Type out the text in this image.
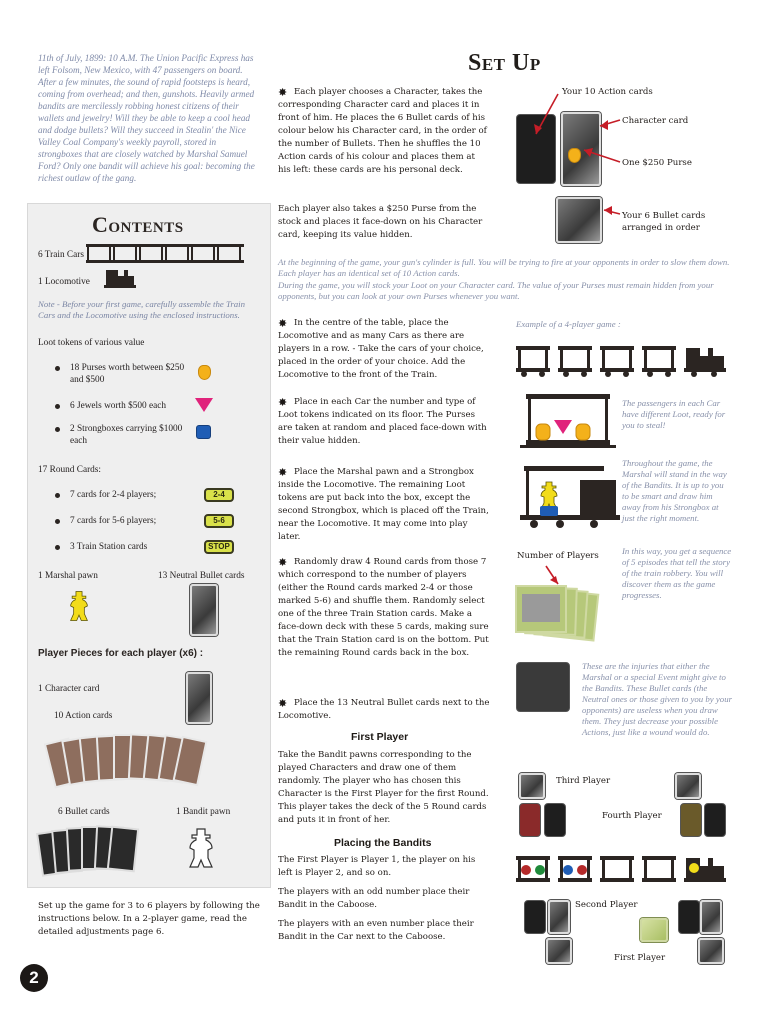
11th of July, 1899: 10 A.M. The Union Pacific Express has left Folsom, New Mexico, with 47 passengers on board. After a few minutes, the sound of rapid footsteps is heard, coming from overhead; and then, gunshots. Heavily armed bandits are mercilessly robbing honest citizens of their wallets and jewelry! Will they be able to keep a cool head and dodge bullets? Will they succeed in Stealin' the Nice Valley Coal Company's weekly payroll, stored in strongboxes that are closely watched by Marshal Samuel Ford? Only one bandit will achieve his goal: becoming the richest outlaw of the gang.
Contents
6 Train Cars
1 Locomotive
Note - Before your first game, carefully assemble the Train Cars and the Locomotive using the enclosed instructions.
Loot tokens of various value
18 Purses worth between $250 and $500
6 Jewels worth $500 each
2 Strongboxes carrying $1000 each
17 Round Cards:
7 cards for 2-4 players;	2-4
7 cards for 5-6 players;	5-6
3 Train Station cards	STOP
1 Marshal pawn	13 Neutral Bullet cards
Player Pieces for each player (x6) :
1 Character card
10 Action cards
6 Bullet cards	1 Bandit pawn
Set up the game for 3 to 6 players by following the instructions below. In a 2-player game, read the detailed adjustments page 6.
2
Set Up
✸ Each player chooses a Character, takes the corresponding Character card and places it in front of him. He places the 6 Bullet cards of his colour below his Character card, in the order of the number of Bullets. Then he shuffles the 10 Action cards of his colour and places them at his left: these cards are his personal deck.
Each player also takes a $250 Purse from the stock and places it face-down on his Character card, keeping its value hidden.
At the beginning of the game, your gun's cylinder is full. You will be trying to fire at your opponents in order to slow them down. Each player has an identical set of 10 Action cards.
During the game, you will stock your Loot on your Character card. The value of your Purses must remain hidden from your opponents, but you can look at your own Purses whenever you want.
Your 10 Action cards
Character card
One $250 Purse
Your 6 Bullet cards arranged in order
✸ In the centre of the table, place the Locomotive and as many Cars as there are players in a row. - Take the cars of your choice, placed in the order of your choice. Add the Locomotive to the front of the Train.
✸ Place in each Car the number and type of Loot tokens indicated on its floor. The Purses are taken at random and placed face-down with their value hidden.
✸ Place the Marshal pawn and a Strongbox inside the Locomotive. The remaining Loot tokens are put back into the box, except the second Strongbox, which is placed off the Train, near the Locomotive. It may come into play later.
✸ Randomly draw 4 Round cards from those 7 which correspond to the number of players (either the Round cards marked 2-4 or those marked 5-6) and shuffle them. Randomly select one of the three Train Station cards. Make a face-down deck with these 5 cards, making sure that the Train Station card is on the bottom. Put the remaining Round cards back in the box.
✸ Place the 13 Neutral Bullet cards next to the Locomotive.
First Player
Take the Bandit pawns corresponding to the played Characters and draw one of them randomly. The player who has chosen this Character is the First Player for the first Round. This player takes the deck of the 5 Round cards and puts it in front of her.
Placing the Bandits
The First Player is Player 1, the player on his left is Player 2, and so on.
The players with an odd number place their Bandit in the Caboose.
The players with an even number place their Bandit in the Car next to the Caboose.
Example of a 4-player game :
The passengers in each Car have different Loot, ready for you to steal!
Throughout the game, the Marshal will stand in the way of the Bandits. It is up to you to be smart and draw him away from his Strongbox at just the right moment.
Number of Players	In this way, you get a sequence of 5 episodes that tell the story of the train robbery. You will discover them as the game progresses.
These are the injuries that either the Marshal or a special Event might give to the Bandits. These Bullet cards (the Neutral ones or those given to you by your opponents) are useless when you draw them. They just decrease your possible Actions, just like a wound would do.
Third Player
Fourth Player
Second Player
First Player
